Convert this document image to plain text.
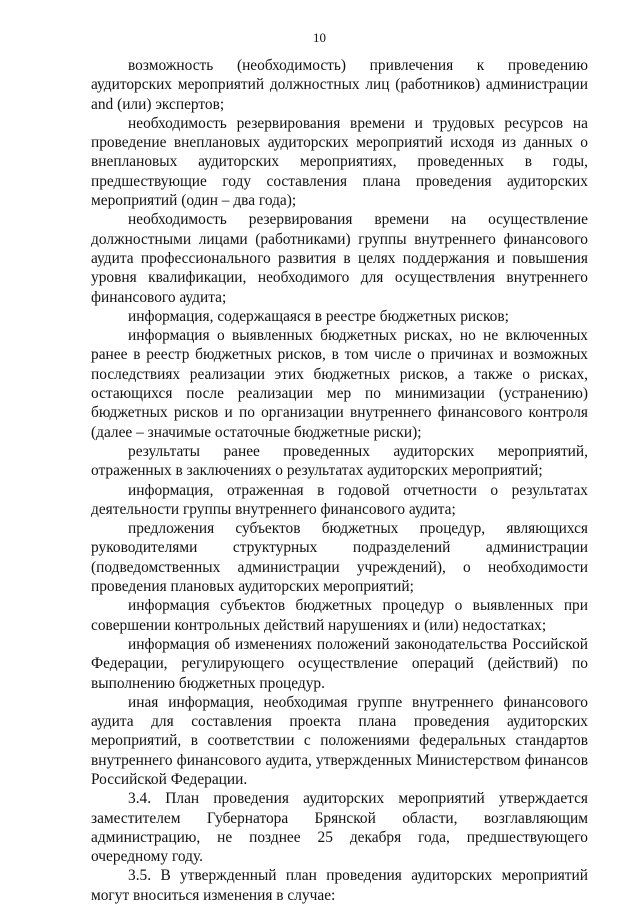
10

возможность (необходимость) привлечения к проведению аудиторских мероприятий должностных лиц (работников) администрации and (или) экспертов;

необходимость резервирования времени и трудовых ресурсов на проведение внеплановых аудиторских мероприятий исходя из данных о внеплановых аудиторских мероприятиях, проведенных в годы, предшествующие году составления плана проведения аудиторских мероприятий (один – два года);

необходимость резервирования времени на осуществление должностными лицами (работниками) группы внутреннего финансового аудита профессионального развития в целях поддержания и повышения уровня квалификации, необходимого для осуществления внутреннего финансового аудита;

информация, содержащаяся в реестре бюджетных рисков;

информация о выявленных бюджетных рисках, но не включенных ранее в реестр бюджетных рисков, в том числе о причинах и возможных последствиях реализации этих бюджетных рисков, а также о рисках, остающихся после реализации мер по минимизации (устранению) бюджетных рисков и по организации внутреннего финансового контроля (далее – значимые остаточные бюджетные риски);

результаты ранее проведенных аудиторских мероприятий, отраженных в заключениях о результатах аудиторских мероприятий;

информация, отраженная в годовой отчетности о результатах деятельности группы внутреннего финансового аудита;

предложения субъектов бюджетных процедур, являющихся руководителями структурных подразделений администрации (подведомственных администрации учреждений), о необходимости проведения плановых аудиторских мероприятий;

информация субъектов бюджетных процедур о выявленных при совершении контрольных действий нарушениях и (или) недостатках;

информация об изменениях положений законодательства Российской Федерации, регулирующего осуществление операций (действий) по выполнению бюджетных процедур.

иная информация, необходимая группе внутреннего финансового аудита для составления проекта плана проведения аудиторских мероприятий, в соответствии с положениями федеральных стандартов внутреннего финансового аудита, утвержденных Министерством финансов Российской Федерации.

3.4. План проведения аудиторских мероприятий утверждается заместителем Губернатора Брянской области, возглавляющим администрацию, не позднее 25 декабря года, предшествующего очередному году.

3.5. В утвержденный план проведения аудиторских мероприятий могут вноситься изменения в случае:
